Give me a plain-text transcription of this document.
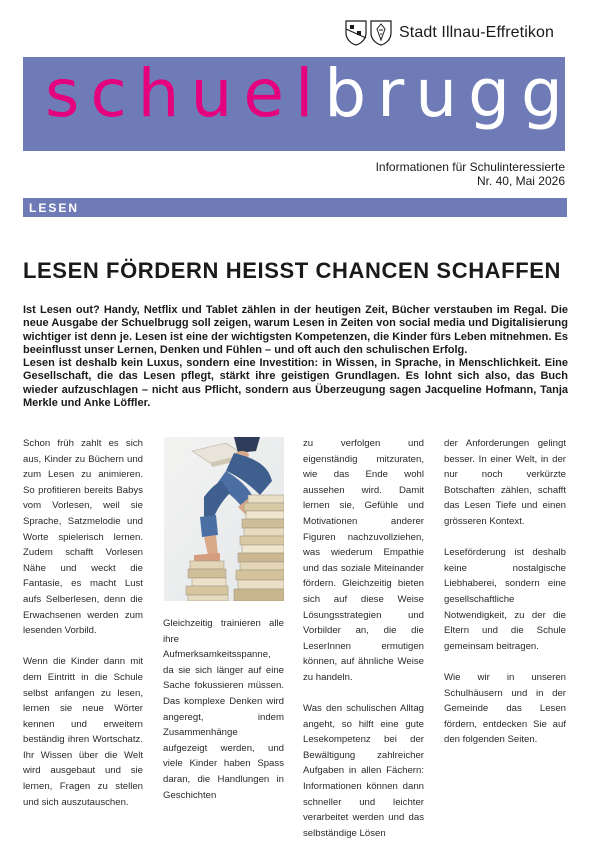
Stadt Illnau-Effretikon
schuelbrugg
Informationen für Schulinteressierte
Nr. 40, Mai 2026
LESEN
LESEN FÖRDERN HEISST CHANCEN SCHAFFEN

Ist Lesen out? Handy, Netflix und Tablet zählen in der heutigen Zeit, Bücher verstauben im Regal. Die neue Ausgabe der Schuelbrugg soll zeigen, warum Lesen in Zeiten von social media und Digitalisierung wichtiger ist denn je. Lesen ist eine der wichtigsten Kompetenzen, die Kinder fürs Leben mitnehmen. Es beeinflusst unser Lernen, Denken und Fühlen – und oft auch den schulischen Erfolg.

Lesen ist deshalb kein Luxus, sondern eine Investition: in Wissen, in Sprache, in Menschlichkeit. Eine Gesellschaft, die das Lesen pflegt, stärkt ihre geistigen Grundlagen. Es lohnt sich also, das Buch wieder aufzuschlagen – nicht aus Pflicht, sondern aus Überzeugung sagen Jacqueline Hofmann, Tanja Merkle und Anke Löffler.

Schon früh zahlt es sich aus, Kinder zu Büchern und zum Lesen zu animieren. So profitieren bereits Babys vom Vorlesen, weil sie Sprache, Satzmelodie und Worte spielerisch lernen. Zudem schafft Vorlesen Nähe und weckt die Fantasie, es macht Lust aufs Selberlesen, denn die Erwachsenen werden zum lesenden Vorbild.

Wenn die Kinder dann mit dem Eintritt in die Schule selbst anfangen zu lesen, lernen sie neue Wörter kennen und erweitern beständig ihren Wortschatz. Ihr Wissen über die Welt wird ausgebaut und sie lernen, Fragen zu stellen und sich auszutauschen.

Gleichzeitig trainieren alle ihre Aufmerksamkeitsspanne, da sie sich länger auf eine Sache fokussieren müssen. Das komplexe Denken wird angeregt, indem Zusammenhänge aufgezeigt werden, und viele Kinder haben Spass daran, die Handlungen in Geschichten

zu verfolgen und eigenständig mitzuraten, wie das Ende wohl aussehen wird. Damit lernen sie, Gefühle und Motivationen anderer Figuren nachzuvollziehen, was wiederum Empathie und das soziale Miteinander fördern. Gleichzeitig bieten sich auf diese Weise Lösungsstrategien und Vorbilder an, die die LeserInnen ermutigen können, auf ähnliche Weise zu handeln.

Was den schulischen Alltag angeht, so hilft eine gute Lesekompetenz bei der Bewältigung zahlreicher Aufgaben in allen Fächern: Informationen können dann schneller und leichter verarbeitet werden und das selbständige Lösen

der Anforderungen gelingt besser. In einer Welt, in der nur noch verkürzte Botschaften zählen, schafft das Lesen Tiefe und einen grösseren Kontext.

Leseförderung ist deshalb keine nostalgische Liebhaberei, sondern eine gesellschaftliche Notwendigkeit, zu der die Eltern und die Schule gemeinsam beitragen.

Wie wir in unseren Schulhäusern und in der Gemeinde das Lesen fördern, entdecken Sie auf den folgenden Seiten.
